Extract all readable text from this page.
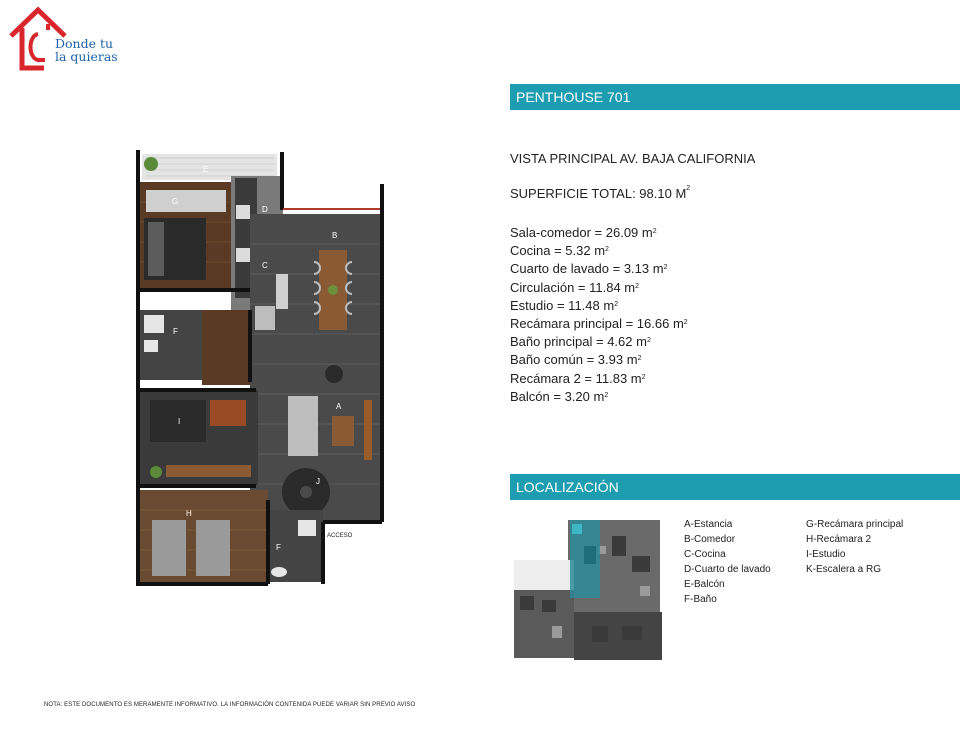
Donde tu
la quieras
E
G
D
B
C
F
A
I
J
H
F
ACCESO
PENTHOUSE 701
VISTA PRINCIPAL AV. BAJA CALIFORNIA
SUPERFICIE TOTAL: 98.10 $M^2$
Sala-comedor = 26.09 $m^2$
Cocina = 5.32 $m^2$
Cuarto de lavado = 3.13 $m^2$
Circulación = 11.84 $m^2$
Estudio = 11.48 $m^2$
Recámara principal = 16.66 $m^2$
Baño principal = 4.62 $m^2$
Baño común = 3.93 $m^2$
Recámara 2 = 11.83 $m^2$
Balcón = 3.20 $m^2$
LOCALIZACIÓN
A-Estancia
B-Comedor
C-Cocina
D-Cuarto de lavado
E-Balcón
F-Baño
G-Recámara principal
H-Recámara 2
I-Estudio
K-Escalera a RG
NOTA: ESTE DOCUMENTO ES MERAMENTE INFORMATIVO. LA INFORMACIÓN CONTENIDA PUEDE VARIAR SIN PREVIO AVISO
